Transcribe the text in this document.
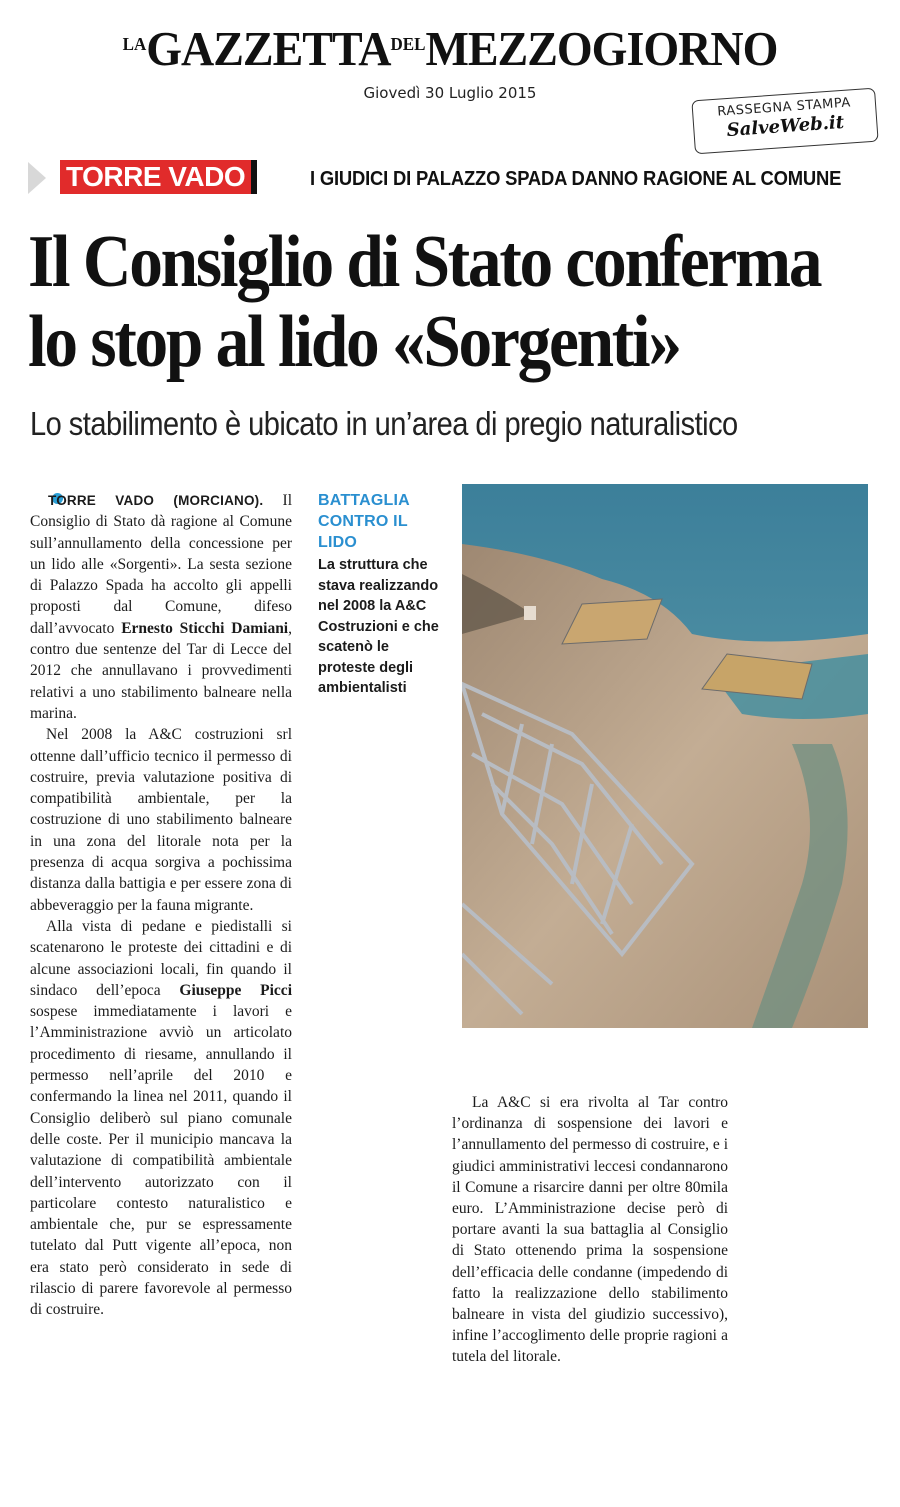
$^{LA}GAZZETTA^{DEL}MEZZOGIORNO$
Giovedì 30 Luglio 2015
RASSEGNA STAMPA
SalveWeb.it
TORRE VADO	I GIUDICI DI PALAZZO SPADA DANNO RAGIONE AL COMUNE
Il Consiglio di Stato conferma
lo stop al lido «Sorgenti»
Lo stabilimento è ubicato in un’area di pregio naturalistico

TORRE VADO (MORCIANO). Il Consiglio di Stato dà ragione al Comune sull’annullamento della concessione per un lido alle «Sorgenti». La sesta sezione di Palazzo Spada ha accolto gli appelli proposti dal Comune, difeso dall’avvocato Ernesto Sticchi Damiani, contro due sentenze del Tar di Lecce del 2012 che annullavano i provvedimenti relativi a uno stabilimento balneare nella marina.

Nel 2008 la A&C costruzioni srl ottenne dall’ufficio tecnico il permesso di costruire, previa valutazione positiva di compatibilità ambientale, per la costruzione di uno stabilimento balneare in una zona del litorale nota per la presenza di acqua sorgiva a pochissima distanza dalla battigia e per essere zona di abbeveraggio per la fauna migrante.

Alla vista di pedane e piedistalli si scatenarono le proteste dei cittadini e di alcune associazioni locali, fin quando il sindaco dell’epoca Giuseppe Picci sospese immediatamente i lavori e l’Amministrazione avviò un articolato procedimento di riesame, annullando il permesso nell’aprile del 2010 e confermando la linea nel 2011, quando il Consiglio deliberò sul piano comunale delle coste. Per il municipio mancava la valutazione di compatibilità ambientale dell’intervento autorizzato con il particolare contesto naturalistico e ambientale che, pur se espressamente tutelato dal Putt vigente all’epoca, non era stato però considerato in sede di rilascio di parere favorevole al permesso di costruire.

BATTAGLIA CONTRO IL LIDO
La struttura che stava realizzando nel 2008 la A&C Costruzioni e che scatenò le proteste degli ambientalisti

La A&C si era rivolta al Tar contro l’ordinanza di sospensione dei lavori e l’annullamento del permesso di costruire, e i giudici amministrativi leccesi condannarono il Comune a risarcire danni per oltre 80mila euro. L’Amministrazione decise però di portare avanti la sua battaglia al Consiglio di Stato ottenendo prima la sospensione dell’efficacia delle condanne (impedendo di fatto la realizzazione dello stabilimento balneare in vista del giudizio successivo), infine l’accoglimento delle proprie ragioni a tutela del litorale.
